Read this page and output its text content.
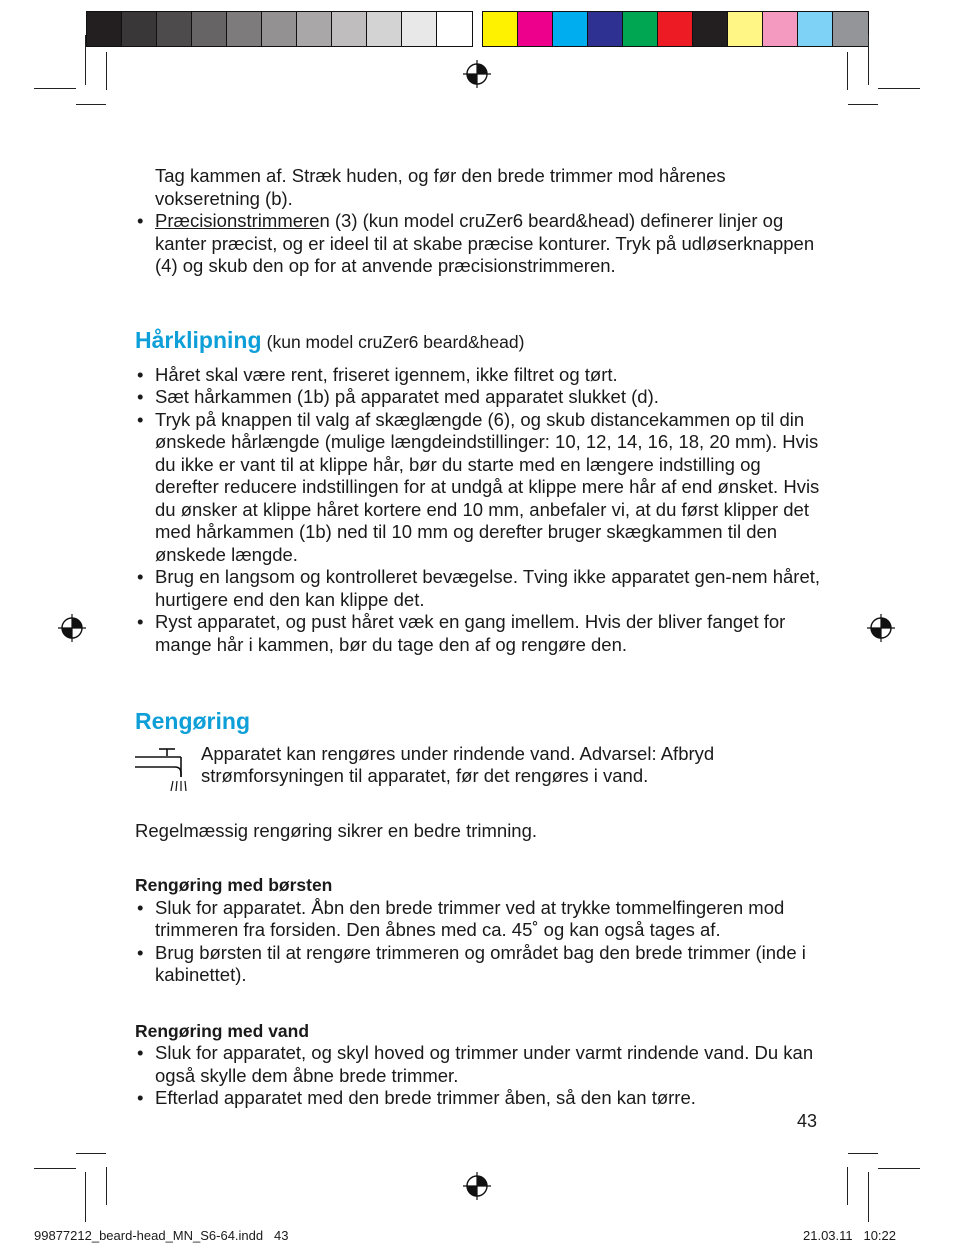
Tag kammen af. Stræk huden, og før den brede trimmer mod hårenes vokseretning (b).

• Præcisionstrimmeren (3) (kun model cruZer6 beard&head) definerer linjer og kanter præcist, og er ideel til at skabe præcise konturer. Tryk på udløserknappen (4) og skub den op for at anvende præcisionstrimmeren.
Hårklipning (kun model cruZer6 beard&head)
• Håret skal være rent, friseret igennem, ikke filtret og tørt.
• Sæt hårkammen (1b) på apparatet med apparatet slukket (d).
• Tryk på knappen til valg af skæglængde (6), og skub distancekammen op til din ønskede hårlængde (mulige længdeindstillinger: 10, 12, 14, 16, 18, 20 mm). Hvis du ikke er vant til at klippe hår, bør du starte med en længere indstilling og derefter reducere indstillingen for at undgå at klippe mere hår af end ønsket. Hvis du ønsker at klippe håret kortere end 10 mm, anbefaler vi, at du først klipper det med hårkammen (1b) ned til 10 mm og derefter bruger skægkammen til den ønskede længde.
• Brug en langsom og kontrolleret bevægelse. Tving ikke apparatet gen-nem håret, hurtigere end den kan klippe det.
• Ryst apparatet, og pust håret væk en gang imellem. Hvis der bliver fanget for mange hår i kammen, bør du tage den af og rengøre den.
Rengøring
Apparatet kan rengøres under rindende vand. Advarsel: Afbryd strømforsyningen til apparatet, før det rengøres i vand.

Regelmæssig rengøring sikrer en bedre trimning.

Rengøring med børsten
• Sluk for apparatet. Åbn den brede trimmer ved at trykke tommelfingeren mod trimmeren fra forsiden. Den åbnes med ca. 45˚ og kan også tages af.
• Brug børsten til at rengøre trimmeren og området bag den brede trimmer (inde i kabinettet).
Rengøring med vand
• Sluk for apparatet, og skyl hoved og trimmer under varmt rindende vand. Du kan også skylle dem åbne brede trimmer.
• Efterlad apparatet med den brede trimmer åben, så den kan tørre.
43
99877212_beard-head_MN_S6-64.indd   43	21.03.11   10:22
